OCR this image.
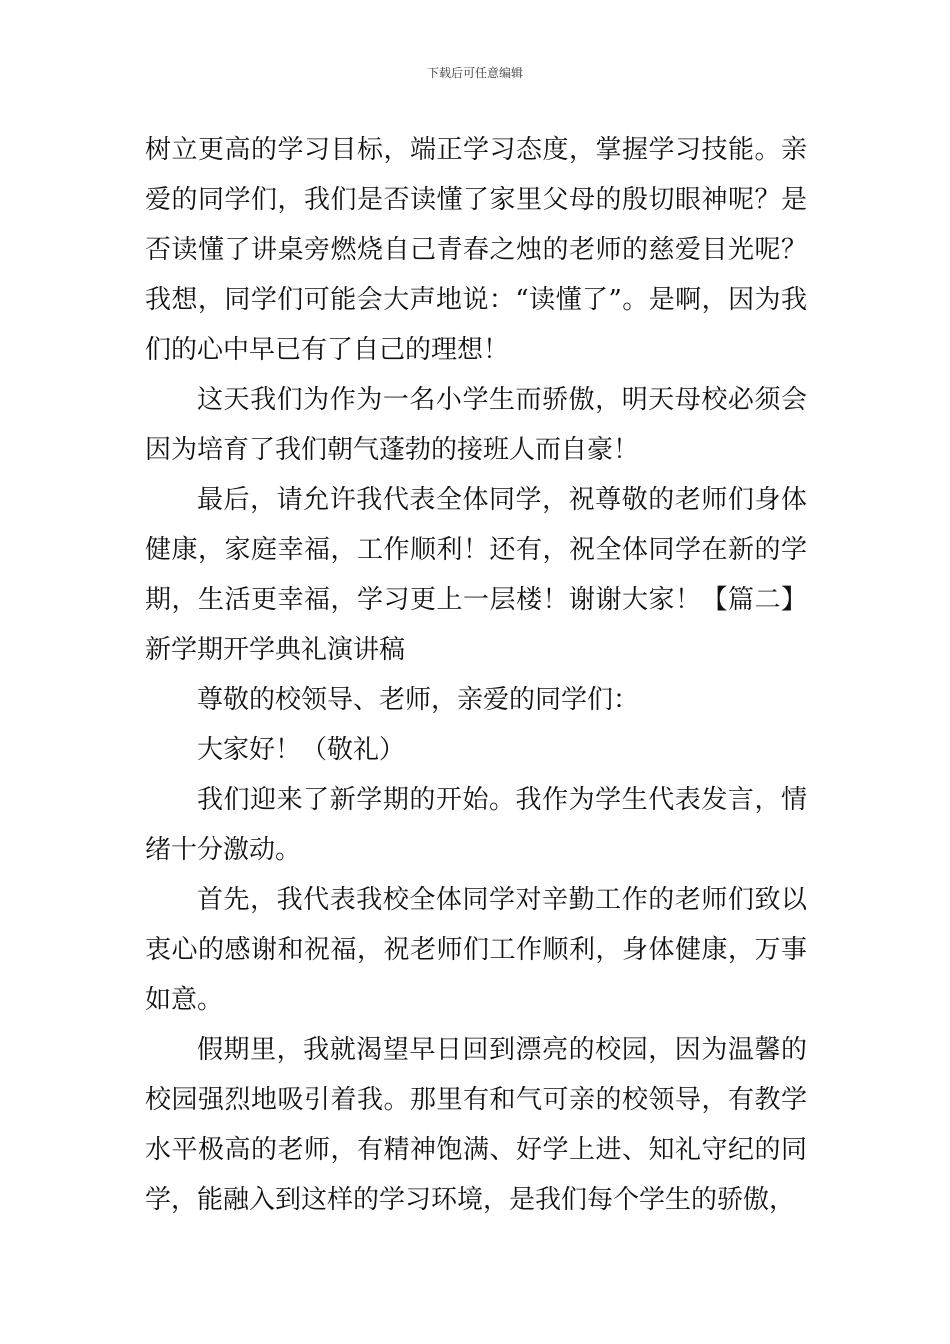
下载后可任意编辑

树立更高的学习目标，端正学习态度，掌握学习技能。亲爱的同学们，我们是否读懂了家里父母的殷切眼神呢？是否读懂了讲桌旁燃烧自己青春之烛的老师的慈爱目光呢？我想，同学们可能会大声地说：“读懂了”。是啊，因为我们的心中早已有了自己的理想！

这天我们为作为一名小学生而骄傲，明天母校必须会因为培育了我们朝气蓬勃的接班人而自豪！

最后，请允许我代表全体同学，祝尊敬的老师们身体健康，家庭幸福，工作顺利！还有，祝全体同学在新的学期，生活更幸福，学习更上一层楼！谢谢大家！【篇二】新学期开学典礼演讲稿

尊敬的校领导、老师，亲爱的同学们：

大家好！（敬礼）

我们迎来了新学期的开始。我作为学生代表发言，情绪十分激动。

首先，我代表我校全体同学对辛勤工作的老师们致以衷心的感谢和祝福，祝老师们工作顺利，身体健康，万事如意。

假期里，我就渴望早日回到漂亮的校园，因为温馨的校园强烈地吸引着我。那里有和气可亲的校领导，有教学水平极高的老师，有精神饱满、好学上进、知礼守纪的同学，能融入到这样的学习环境，是我们每个学生的骄傲，
